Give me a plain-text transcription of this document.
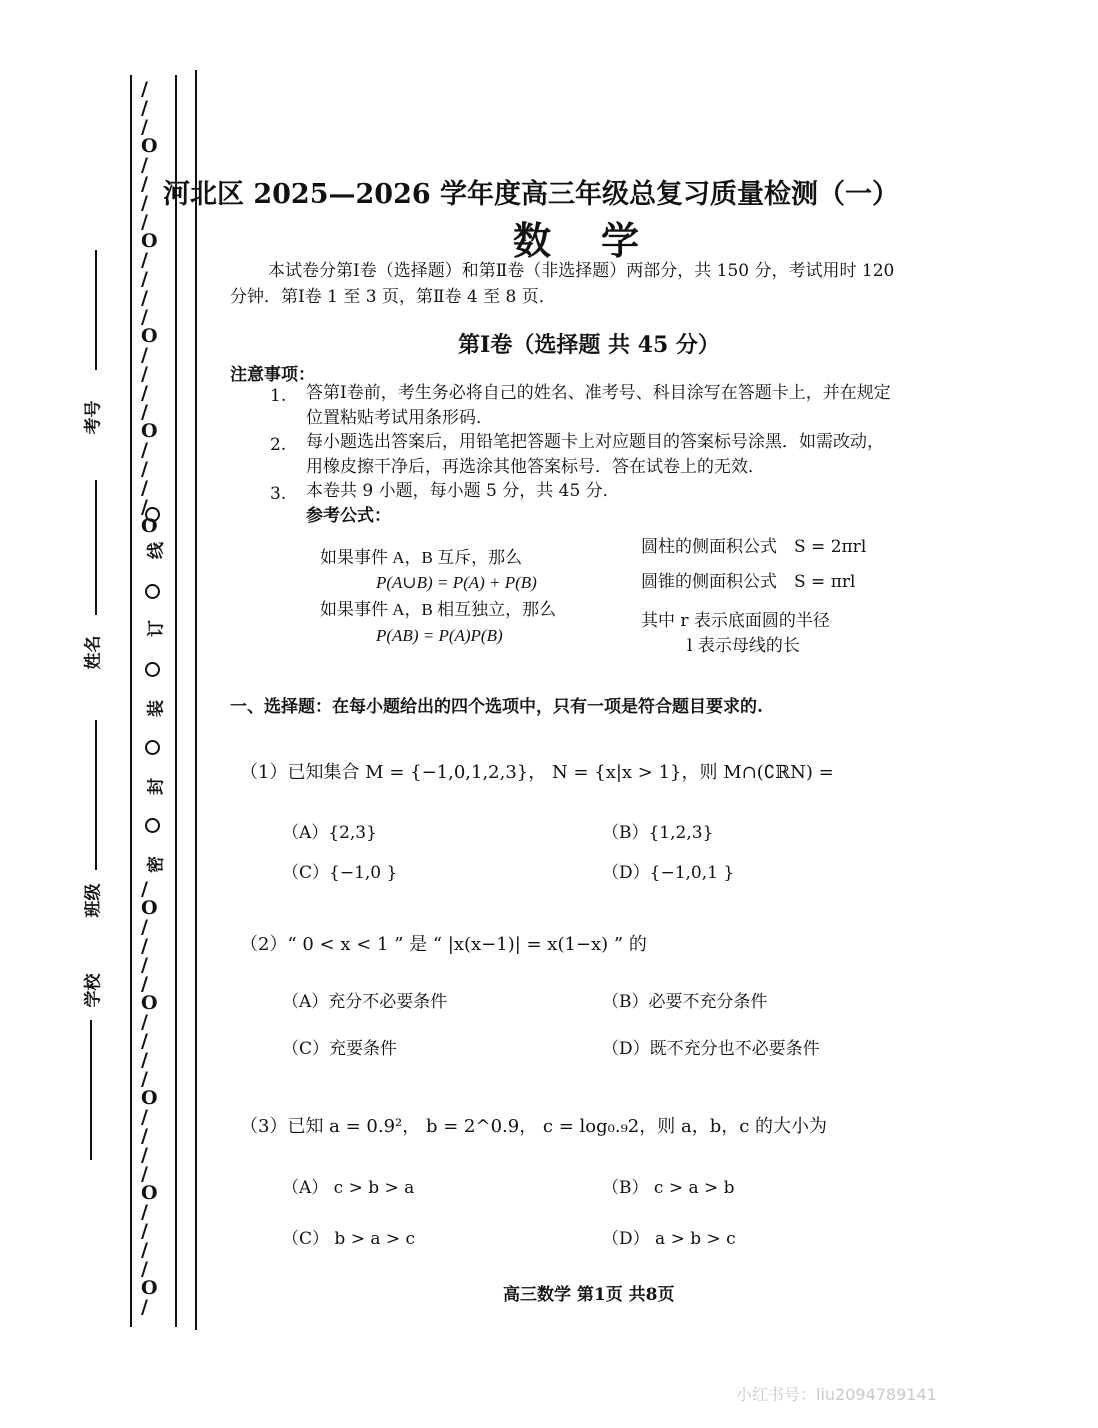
考号
姓名
班级
学校
/
/
/
O
/
/
/
/
O
/
/
/
/
O
/
/
/
/
O
/
/
/
/
O
线
订
装
封
密
/
O
/
/
/
/
O
/
/
/
/
O
/
/
/
/
O
/
/
/
/
O
/
河北区 2025—2026 学年度高三年级总复习质量检测（一）
数　学
本试卷分第Ⅰ卷（选择题）和第Ⅱ卷（非选择题）两部分，共 150 分，考试用时 120
分钟．第Ⅰ卷 1 至 3 页，第Ⅱ卷 4 至 8 页．
第Ⅰ卷（选择题 共 45 分）
注意事项：
1. 答第Ⅰ卷前，考生务必将自己的姓名、准考号、科目涂写在答题卡上，并在规定
位置粘贴考试用条形码．
2. 每小题选出答案后，用铅笔把答题卡上对应题目的答案标号涂黑．如需改动，
用橡皮擦干净后，再选涂其他答案标号．答在试卷上的无效．
3. 本卷共 9 小题，每小题 5 分，共 45 分．
参考公式：
如果事件 A，B 互斥，那么
P(A∪B) = P(A) + P(B)
如果事件 A，B 相互独立，那么
P(AB) = P(A)P(B)
圆柱的侧面积公式　S = 2πrl
圆锥的侧面积公式　S = πrl
其中 r 表示底面圆的半径
l 表示母线的长
一、选择题：在每小题给出的四个选项中，只有一项是符合题目要求的.
（1）已知集合 M = {−1,0,1,2,3}， N = {x|x > 1}，则 M∩(∁ℝN) =
（A）{2,3}	（B）{1,2,3}
（C）{−1,0 }	（D）{−1,0,1 }
（2）“ 0 < x < 1 ” 是 “ |x(x−1)| = x(1−x) ” 的
（A）充分不必要条件	（B）必要不充分条件
（C）充要条件	（D）既不充分也不必要条件
（3）已知 a = 0.9²， b = 2^0.9， c = log₀.₉2，则 a，b，c 的大小为
（A） c > b > a	（B） c > a > b
（C） b > a > c	（D） a > b > c
高三数学 第1页 共8页
小红书号：liu2094789141
